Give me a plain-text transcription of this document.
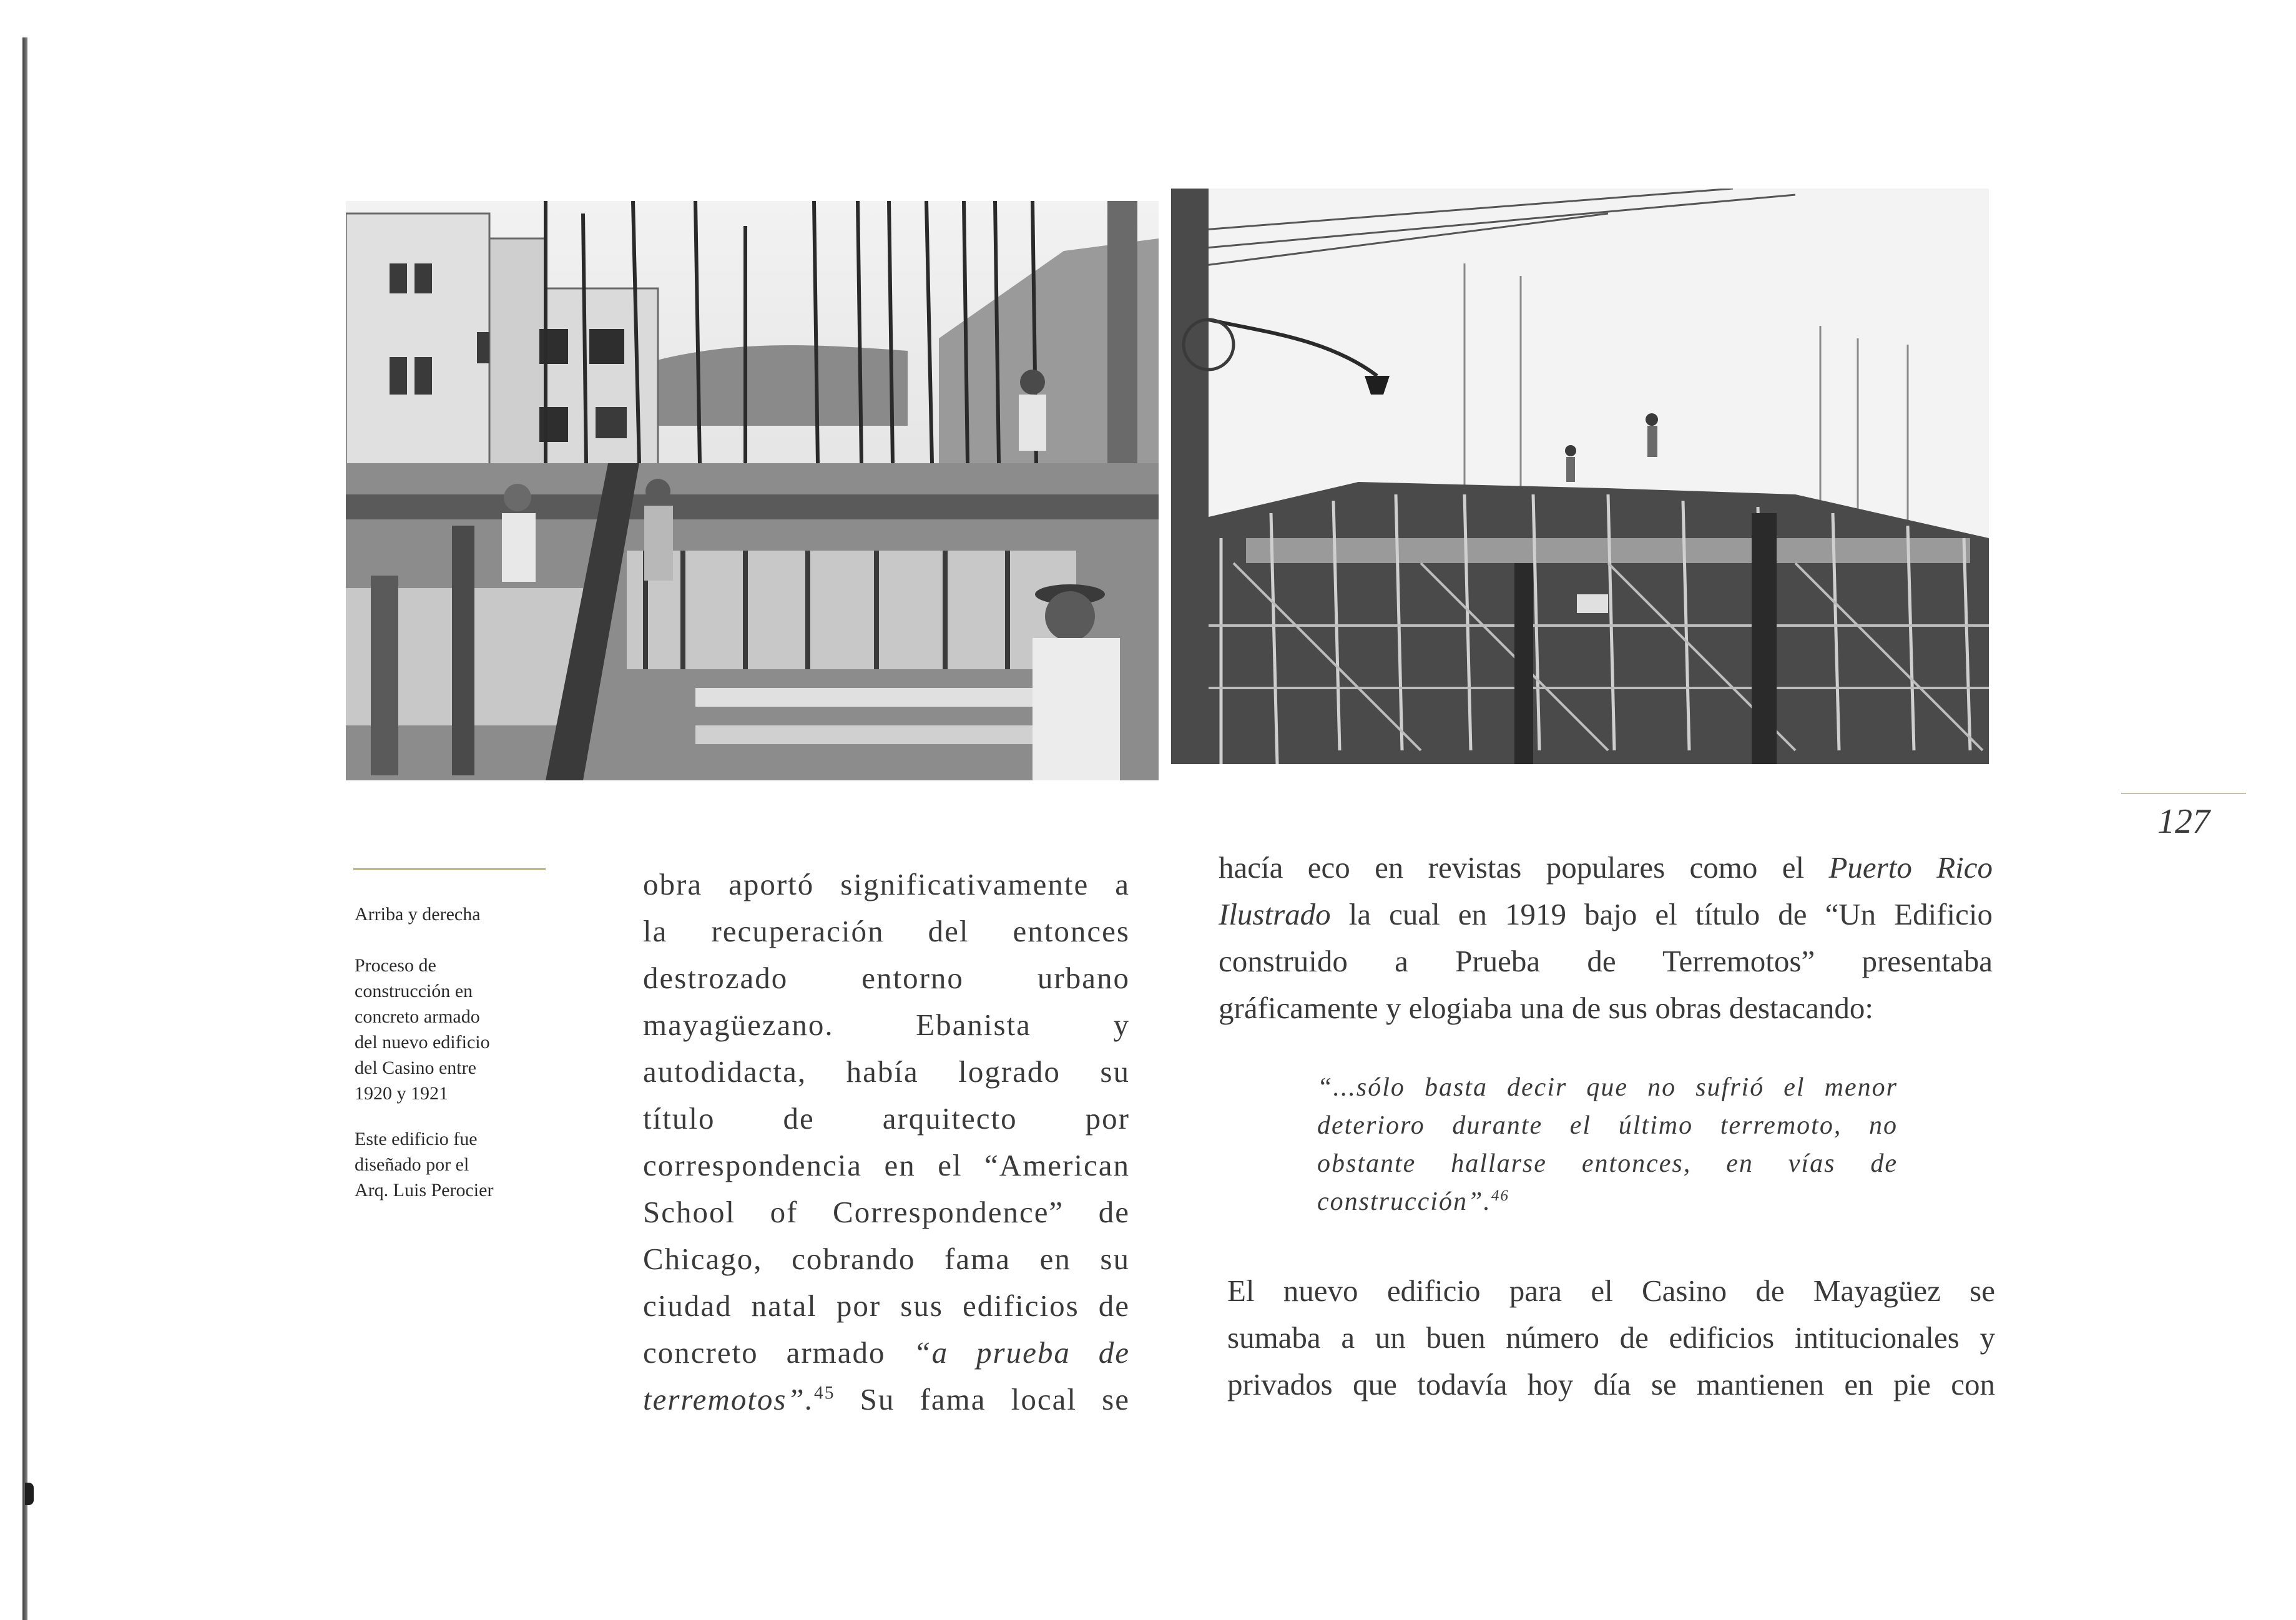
127
Arriba y derecha
Proceso de
construcción en
concreto armado
del nuevo edificio
del Casino entre
1920 y 1921
Este edificio fue
diseñado por el
Arq. Luis Perocier
obra aportó significativamente a
la recuperación del entonces
destrozado entorno urbano
mayagüezano. Ebanista y
autodidacta, había logrado su
título de arquitecto por
correspondencia en el “American
School of Correspondence” de
Chicago, cobrando fama en su
ciudad natal por sus edificios de
concreto armado “a prueba de
terremotos”.$^{45}$ Su fama local se
hacía eco en revistas populares como el Puerto Rico
Ilustrado la cual en 1919 bajo el título de “Un Edificio
construido a Prueba de Terremotos” presentaba
gráficamente y elogiaba una de sus obras destacando:
“...sólo basta decir que no sufrió el menor
deterioro durante el último terremoto, no
obstante hallarse entonces, en vías de
construcción”.$^{46}$
El nuevo edificio para el Casino de Mayagüez se
sumaba a un buen número de edificios intitucionales y
privados que todavía hoy día se mantienen en pie con
